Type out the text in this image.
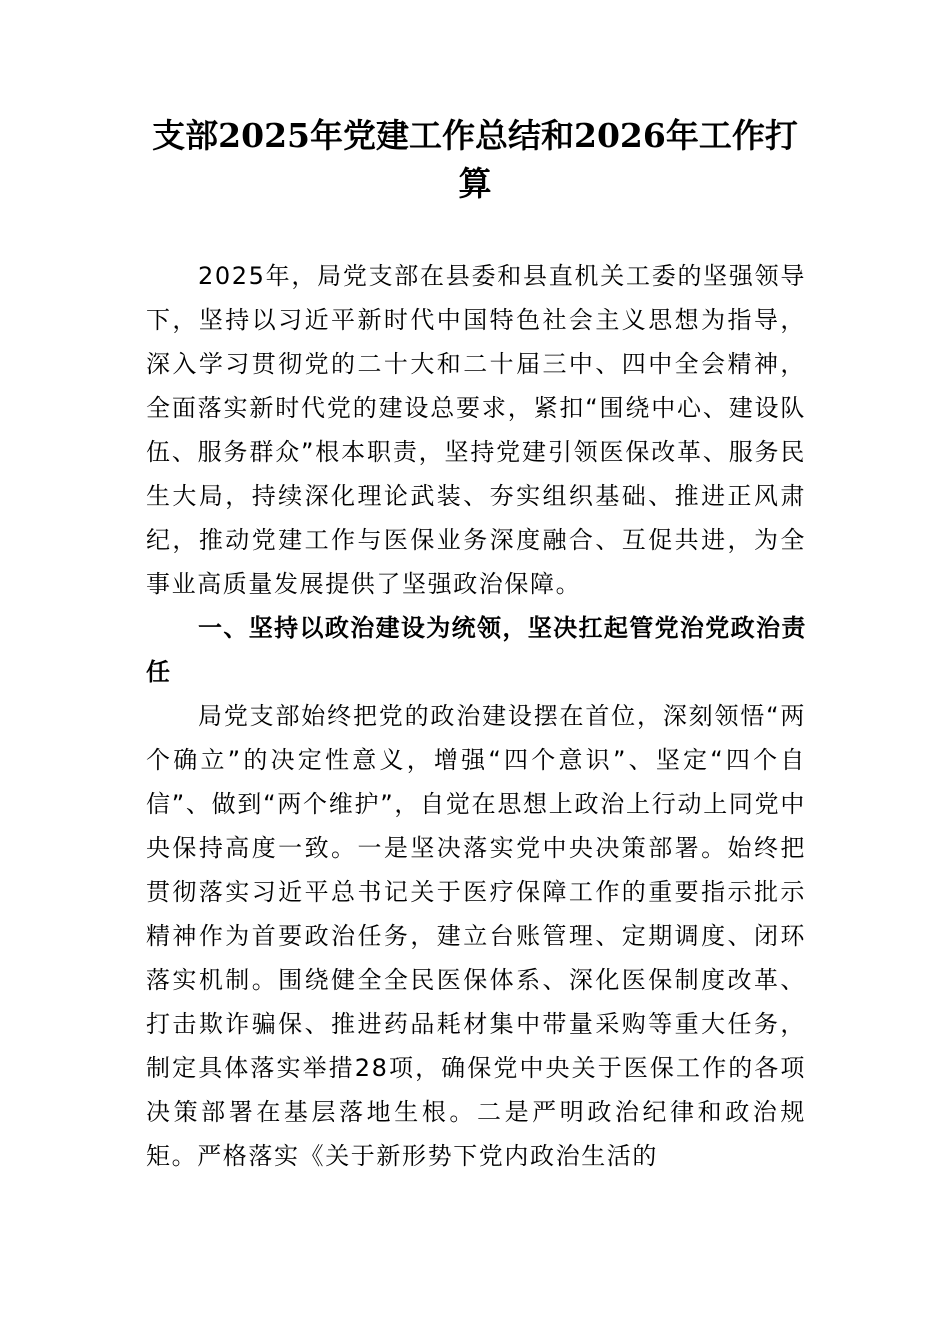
支部2025年党建工作总结和2026年工作打算

2025年，局党支部在县委和县直机关工委的坚强领导下，坚持以习近平新时代中国特色社会主义思想为指导，深入学习贯彻党的二十大和二十届三中、四中全会精神，全面落实新时代党的建设总要求，紧扣“围绕中心、建设队伍、服务群众”根本职责，坚持党建引领医保改革、服务民生大局，持续深化理论武装、夯实组织基础、推进正风肃纪，推动党建工作与医保业务深度融合、互促共进，为全事业高质量发展提供了坚强政治保障。

一、坚持以政治建设为统领，坚决扛起管党治党政治责任

局党支部始终把党的政治建设摆在首位，深刻领悟“两个确立”的决定性意义，增强“四个意识”、坚定“四个自信”、做到“两个维护”，自觉在思想上政治上行动上同党中央保持高度一致。一是坚决落实党中央决策部署。始终把贯彻落实习近平总书记关于医疗保障工作的重要指示批示精神作为首要政治任务，建立台账管理、定期调度、闭环落实机制。围绕健全全民医保体系、深化医保制度改革、打击欺诈骗保、推进药品耗材集中带量采购等重大任务，制定具体落实举措28项，确保党中央关于医保工作的各项决策部署在基层落地生根。二是严明政治纪律和政治规矩。严格落实《关于新形势下党内政治生活的
